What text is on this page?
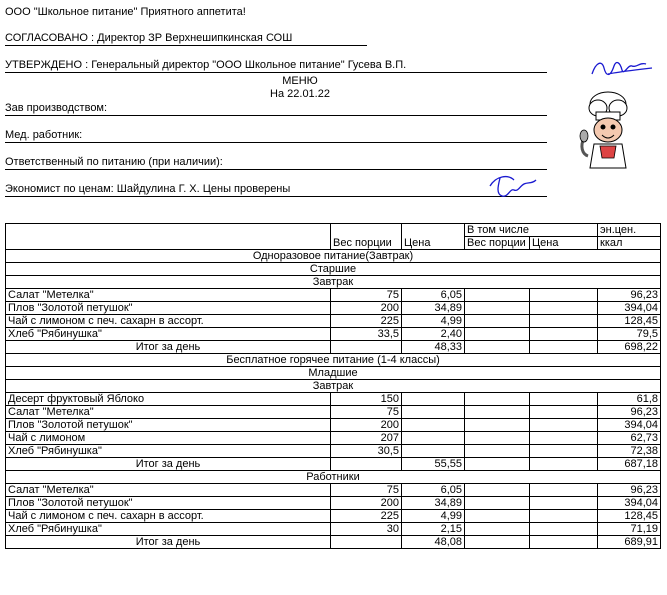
ООО "Школьное питание" Приятного аппетита!
СОГЛАСОВАНО : Директор ЗР Верхнешипкинская СОШ
УТВЕРЖДЕНО : Генеральный директор "ООО Школьное питание" Гусева В.П.
МЕНЮ
На 22.01.22
Зав производством:
Мед. работник:
Ответственный по питанию (при наличии):
Экономист по ценам: Шайдулина Г. Х. Цены проверены
	Вес порции	Цена	В том числе		эн.цен.
			Вес порции	Цена	ккал
Одноразовое питание(Завтрак)					
Старшие					
Завтрак					
Салат "Метелка"	75	6,05			96,23
Плов "Золотой петушок"	200	34,89			394,04
Чай с лимоном с печ. сахарн в ассорт.	225	4,99			128,45
Хлеб "Рябинушка"	33,5	2,40			79,5
Итог за день		48,33			698,22
Бесплатное горячее питание (1-4 классы)					
Младшие					
Завтрак					
Десерт фруктовый Яблоко	150				61,8
Салат "Метелка"	75				96,23
Плов "Золотой петушок"	200				394,04
Чай с лимоном	207				62,73
Хлеб "Рябинушка"	30,5				72,38
Итог за день		55,55			687,18
Работники					
Салат "Метелка"	75	6,05			96,23
Плов "Золотой петушок"	200	34,89			394,04
Чай с лимоном с печ. сахарн в ассорт.	225	4,99			128,45
Хлеб "Рябинушка"	30	2,15			71,19
Итог за день		48,08			689,91
